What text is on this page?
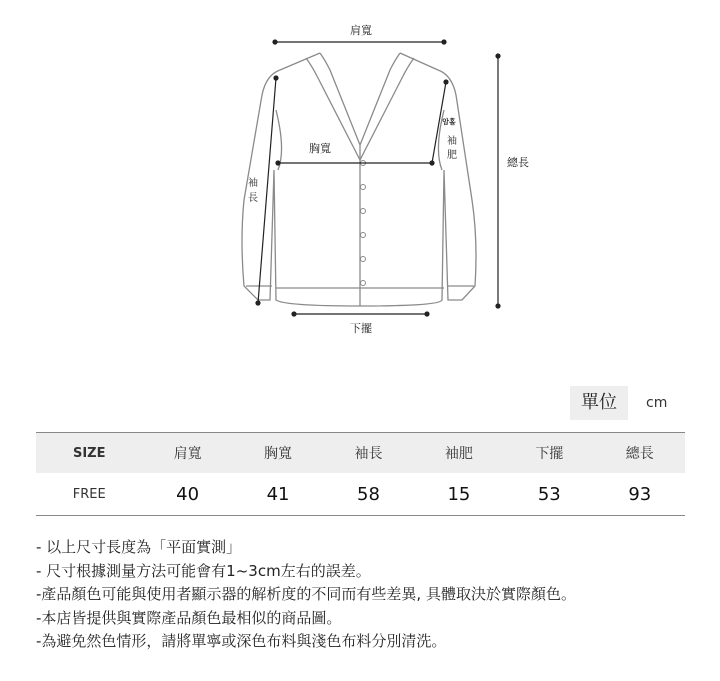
肩寬
胸寬
袖
長
암홀
袖
肥
總長
下擺
單位	cm
SIZE	肩寬	胸寬	袖長	袖肥	下擺	總長
FREE	40	41	58	15	53	93
- 以上尺寸長度為「平面實測」
- 尺寸根據測量方法可能會有1~3cm左右的誤差。
-產品顏色可能與使用者顯示器的解析度的不同而有些差異, 具體取決於實際顏色。
-本店皆提供與實際產品顏色最相似的商品圖。
-為避免然色情形，請將單寧或深色布料與淺色布料分別清洗。
